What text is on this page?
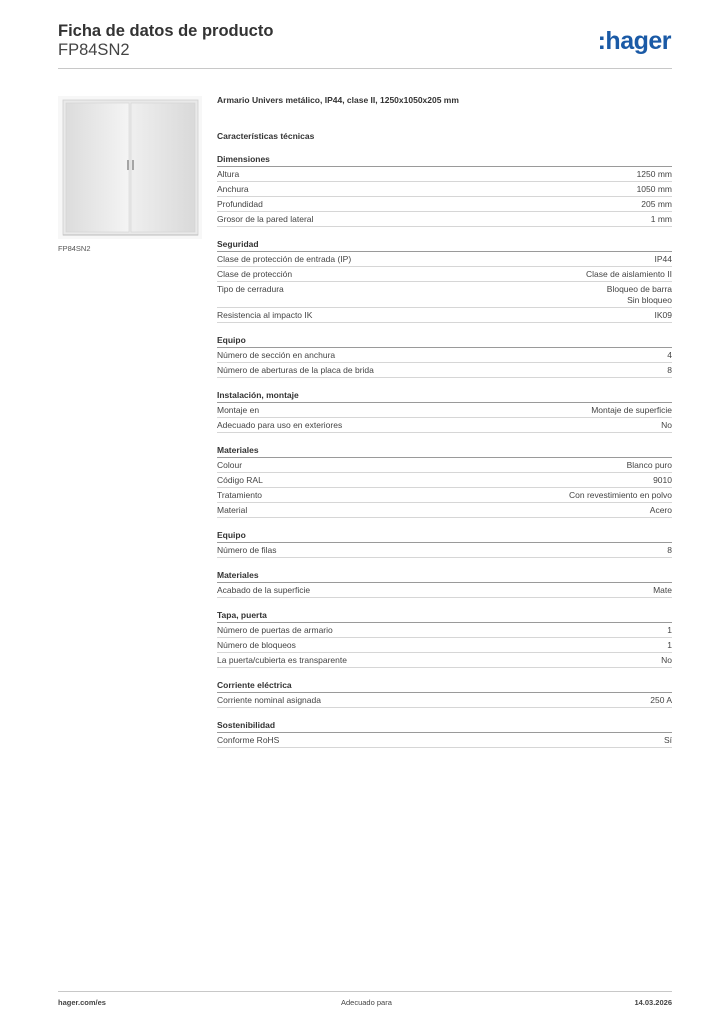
Ficha de datos de producto
FP84SN2	:hager
FP84SN2
Armario Univers metálico, IP44, clase II, 1250x1050x205 mm
Características técnicas
Dimensiones
Altura	1250 mm
Anchura	1050 mm
Profundidad	205 mm
Grosor de la pared lateral	1 mm
Seguridad
Clase de protección de entrada (IP)	IP44
Clase de protección	Clase de aislamiento II
Tipo de cerradura	Bloqueo de barra
Sin bloqueo
Resistencia al impacto IK	IK09
Equipo
Número de sección en anchura	4
Número de aberturas de la placa de brida	8
Instalación, montaje
Montaje en	Montaje de superficie
Adecuado para uso en exteriores	No
Materiales
Colour	Blanco puro
Código RAL	9010
Tratamiento	Con revestimiento en polvo
Material	Acero
Equipo
Número de filas	8
Materiales
Acabado de la superficie	Mate
Tapa, puerta
Número de puertas de armario	1
Número de bloqueos	1
La puerta/cubierta es transparente	No
Corriente eléctrica
Corriente nominal asignada	250 A
Sostenibilidad
Conforme RoHS	Sí
hager.com/es	Adecuado para	14.03.2026
